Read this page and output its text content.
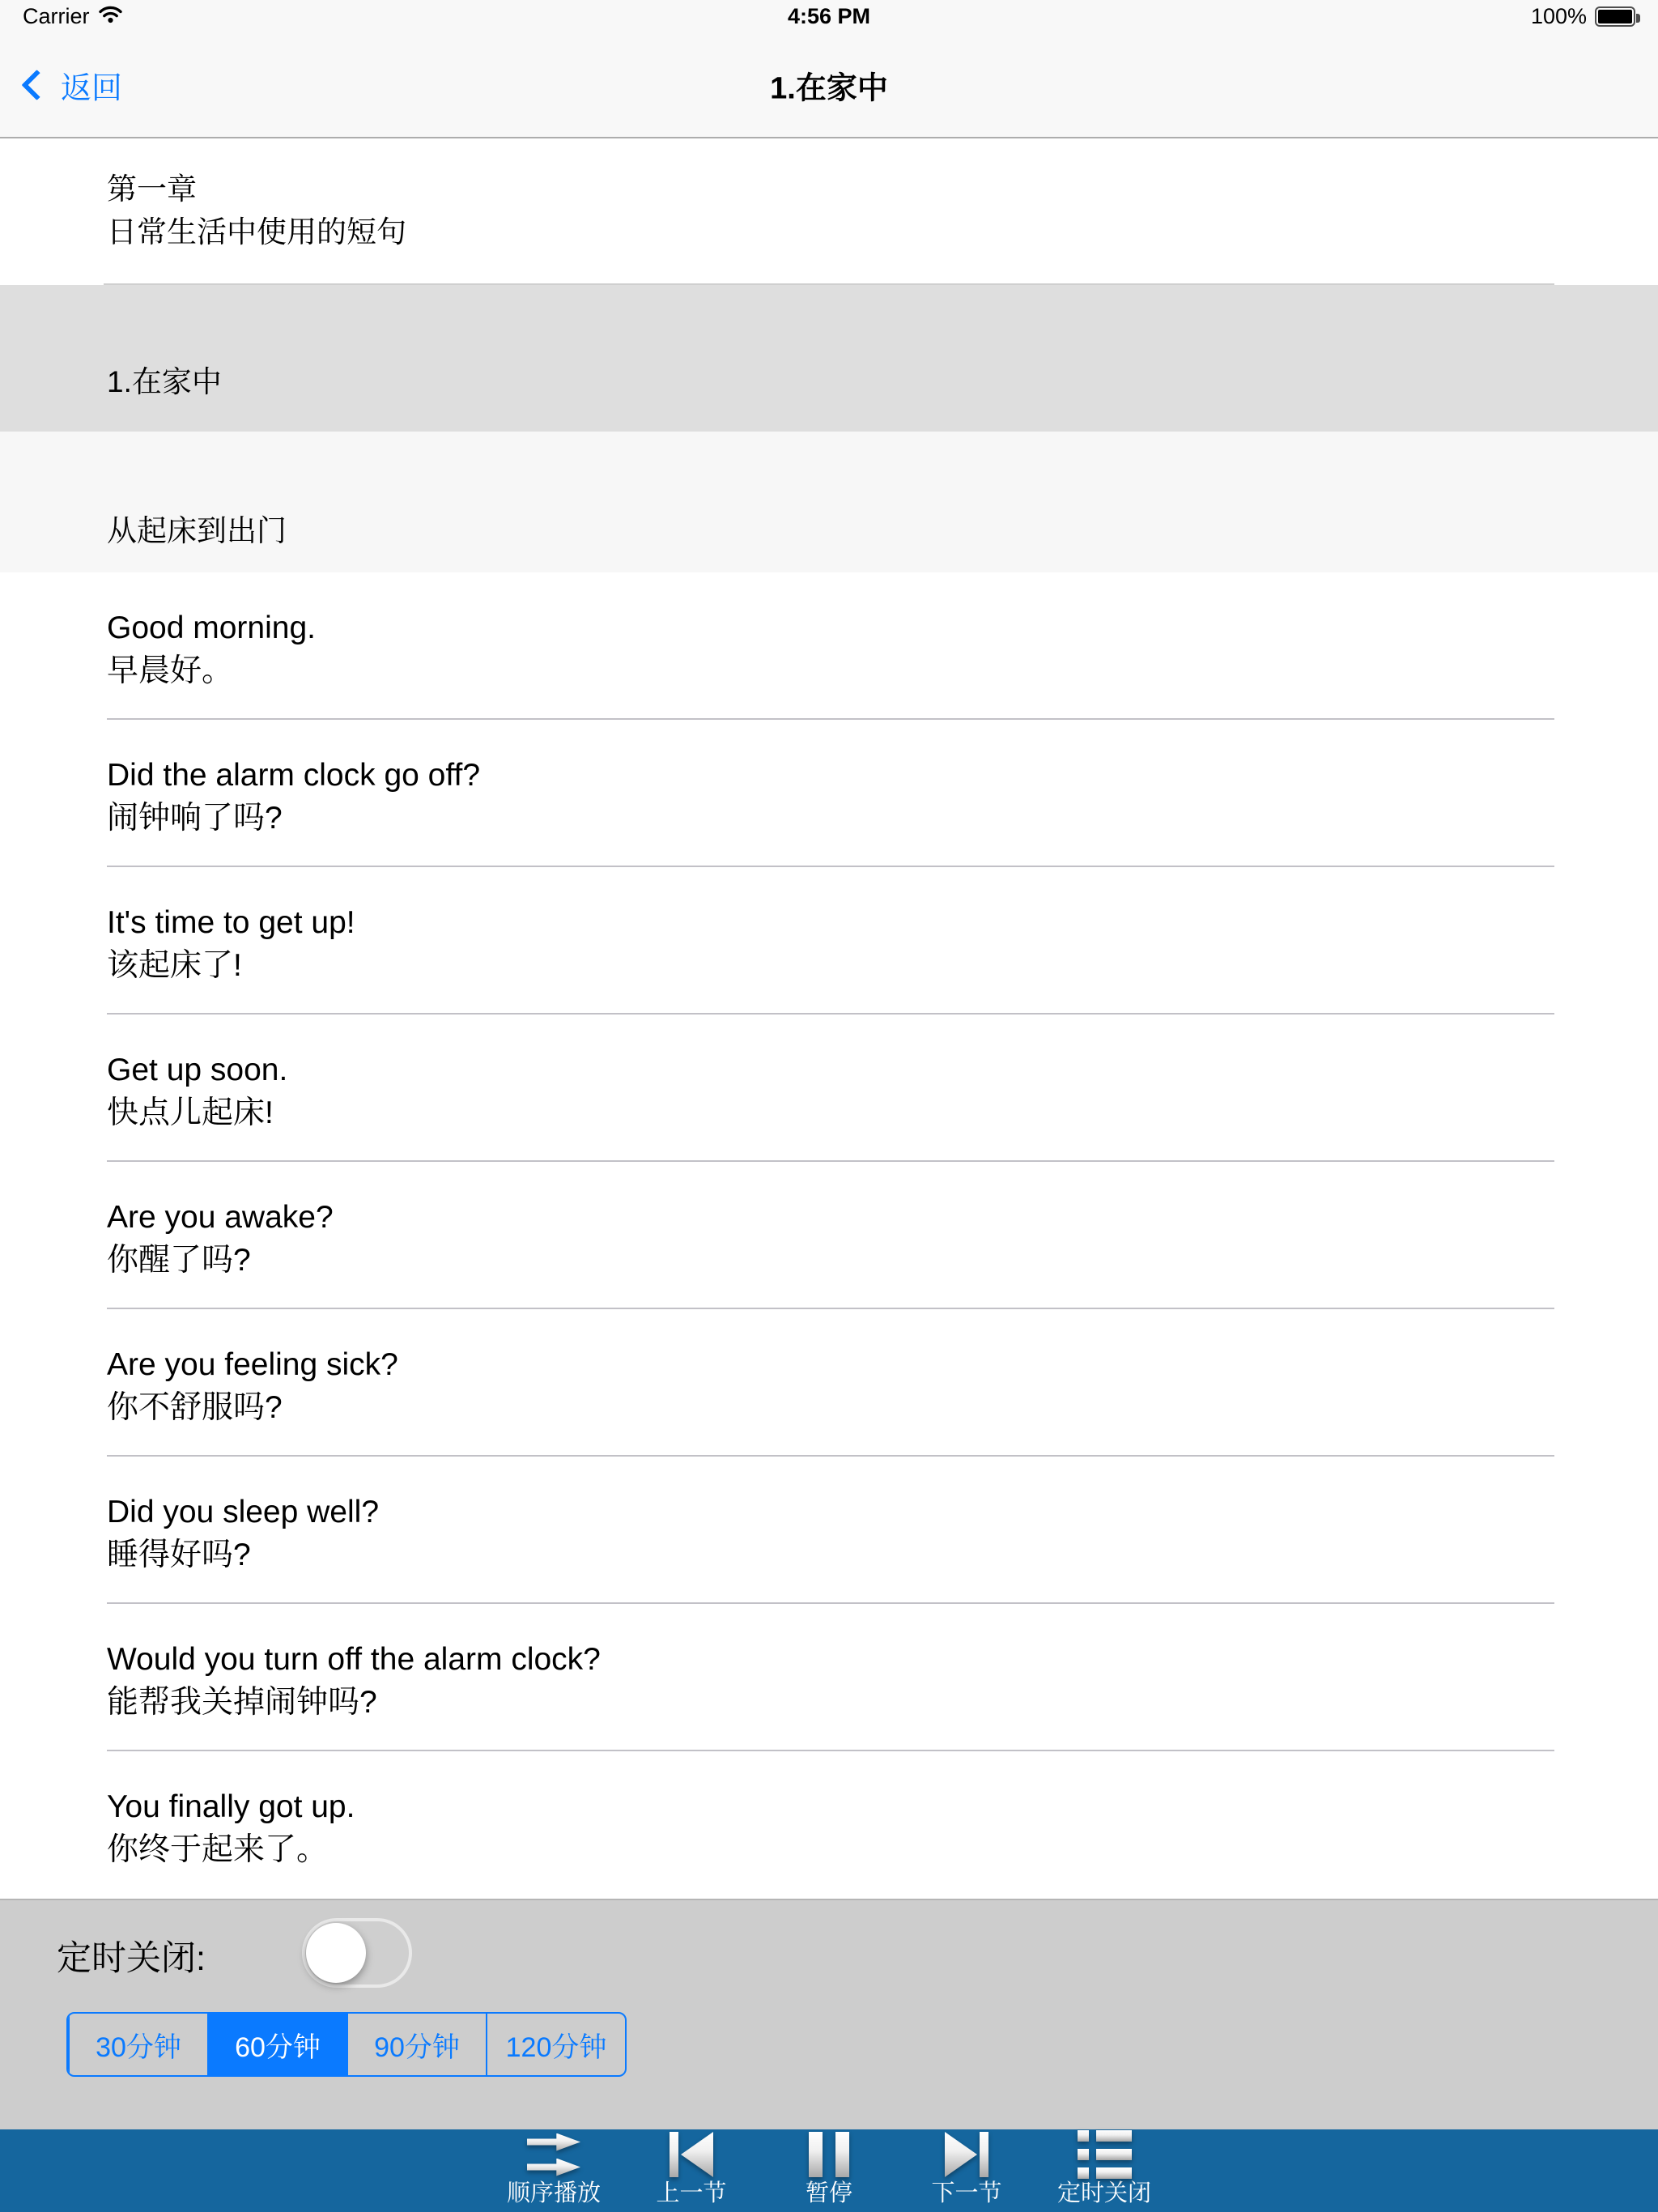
Carrier	4:56 PM	100%
返回	1.在家中
第一章
日常生活中使用的短句
1.在家中
从起床到出门
Good morning.
早晨好。
Did the alarm clock go off?
闹钟响了吗?
It's time to get up!
该起床了!
Get up soon.
快点儿起床!
Are you awake?
你醒了吗?
Are you feeling sick?
你不舒服吗?
Did you sleep well?
睡得好吗?
Would you turn off the alarm clock?
能帮我关掉闹钟吗?
You finally got up.
你终于起来了。
定时关闭:
30分钟	60分钟	90分钟	120分钟
顺序播放 上一节	暂停	下一节 定时关闭
